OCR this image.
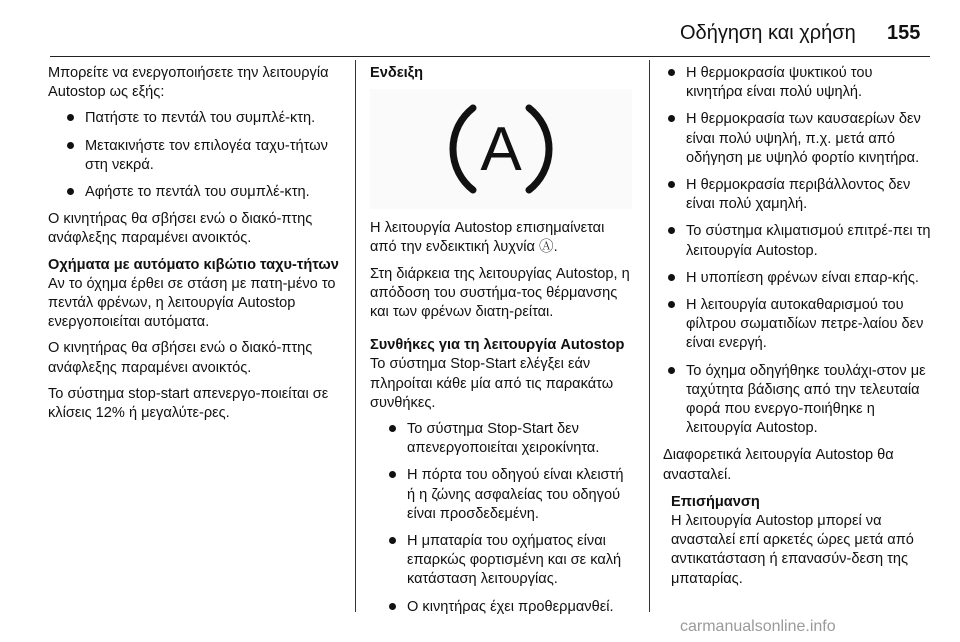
Οδήγηση και χρήση 155

Μπορείτε να ενεργοποιήσετε την λειτουργία Autostop ως εξής:

Πατήστε το πεντάλ του συμπλέ-κτη.
Μετακινήστε τον επιλογέα ταχυ-τήτων στη νεκρά.
Αφήστε το πεντάλ του συμπλέ-κτη.

Ο κινητήρας θα σβήσει ενώ ο διακό-πτης ανάφλεξης παραμένει ανοικτός.

Οχήματα με αυτόματο κιβώτιο ταχυ-τήτων

Αν το όχημα έρθει σε στάση με πατη-μένο το πεντάλ φρένων, η λειτουργία Autostop ενεργοποιείται αυτόματα.

Ο κινητήρας θα σβήσει ενώ ο διακό-πτης ανάφλεξης παραμένει ανοικτός.

Το σύστημα stop-start απενεργο-ποιείται σε κλίσεις 12% ή μεγαλύτε-ρες.

Ενδειξη
A

Η λειτουργία Autostop επισημαίνεται από την ενδεικτική λυχνία Ⓐ.

Στη διάρκεια της λειτουργίας Autostop, η απόδοση του συστήμα-τος θέρμανσης και των φρένων διατη-ρείται.

Συνθήκες για τη λειτουργία Autostop

Το σύστημα Stop-Start ελέγξει εάν πληροίται κάθε μία από τις παρακάτω συνθήκες.

Το σύστημα Stop-Start δεν απενεργοποιείται χειροκίνητα.
Η πόρτα του οδηγού είναι κλειστή ή η ζώνης ασφαλείας του οδηγού είναι προσδεδεμένη.
Η μπαταρία του οχήματος είναι επαρκώς φορτισμένη και σε καλή κατάσταση λειτουργίας.
Ο κινητήρας έχει προθερμανθεί.
Η θερμοκρασία ψυκτικού του κινητήρα είναι πολύ υψηλή.
Η θερμοκρασία των καυσαερίων δεν είναι πολύ υψηλή, π.χ. μετά από οδήγηση με υψηλό φορτίο κινητήρα.
Η θερμοκρασία περιβάλλοντος δεν είναι πολύ χαμηλή.
Το σύστημα κλιματισμού επιτρέ-πει τη λειτουργία Autostop.
Η υποπίεση φρένων είναι επαρ-κής.
Η λειτουργία αυτοκαθαρισμού του φίλτρου σωματιδίων πετρε-λαίου δεν είναι ενεργή.
Το όχημα οδηγήθηκε τουλάχι-στον με ταχύτητα βάδισης από την τελευταία φορά που ενεργο-ποιήθηκε η λειτουργία Autostop.

Διαφορετικά λειτουργία Autostop θα ανασταλεί.

Επισήμανση
Η λειτουργία Autostop μπορεί να ανασταλεί επί αρκετές ώρες μετά από αντικατάσταση ή επανασύν-δεση της μπαταρίας.
carmanualsonline.info
